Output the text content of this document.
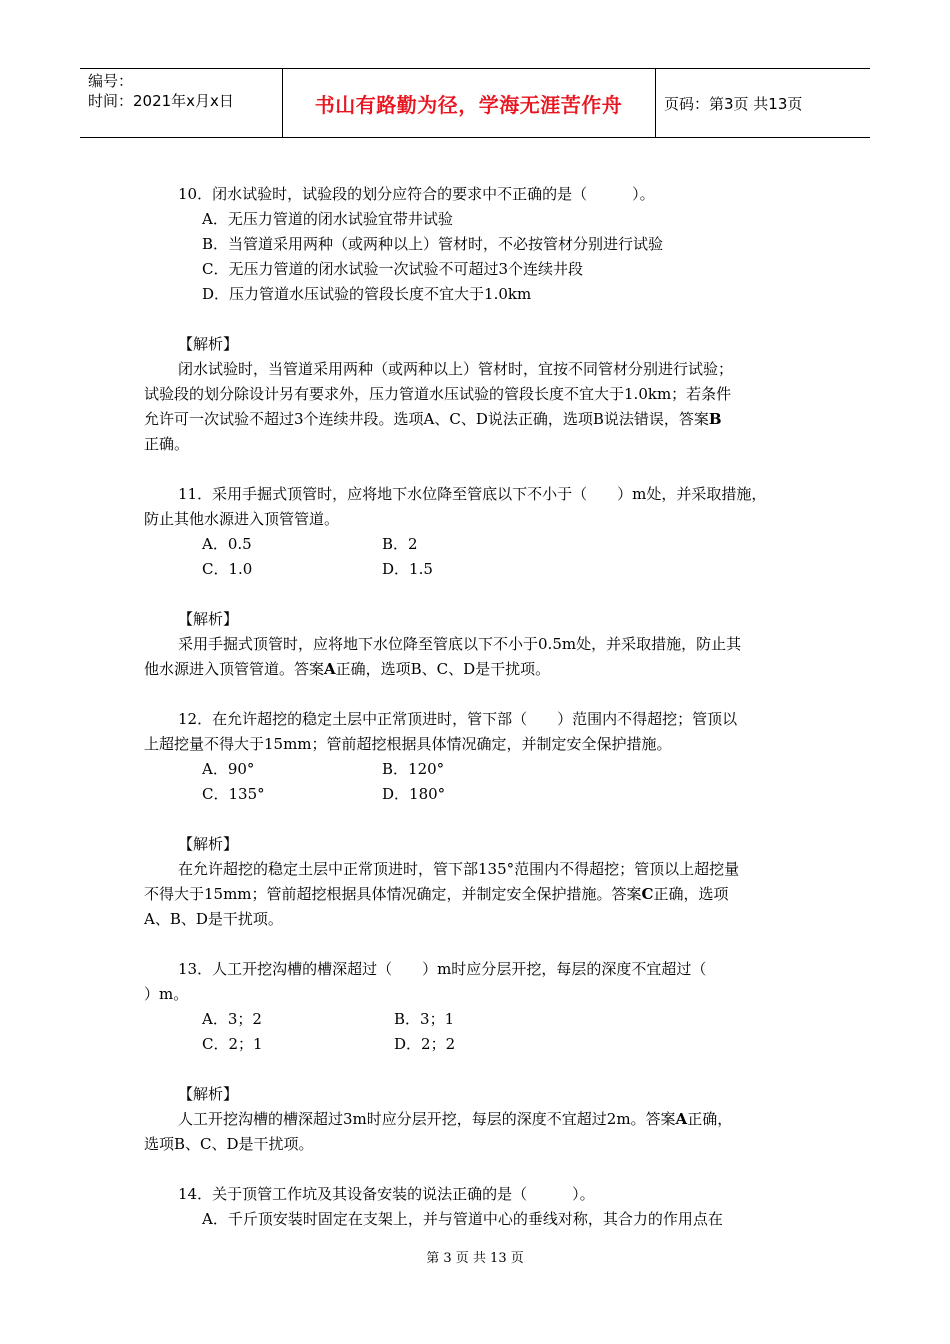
编号：
时间：2021年x月x日	书山有路勤为径，学海无涯苦作舟	页码：第3页 共13页
10．闭水试验时，试验段的划分应符合的要求中不正确的是（　　　）。
A．无压力管道的闭水试验宜带井试验
B．当管道采用两种（或两种以上）管材时，不必按管材分别进行试验
C．无压力管道的闭水试验一次试验不可超过3个连续井段
D．压力管道水压试验的管段长度不宜大于1.0km
【解析】
闭水试验时，当管道采用两种（或两种以上）管材时，宜按不同管材分别进行试验；
试验段的划分除设计另有要求外，压力管道水压试验的管段长度不宜大于1.0km；若条件
允许可一次试验不超过3个连续井段。选项A、C、D说法正确，选项B说法错误，答案B
正确。
11．采用手掘式顶管时，应将地下水位降至管底以下不小于（　　）m处，并采取措施，
防止其他水源进入顶管管道。
A．0.5	B．2
C．1.0	D．1.5
【解析】
采用手掘式顶管时，应将地下水位降至管底以下不小于0.5m处，并采取措施，防止其
他水源进入顶管管道。答案A正确，选项B、C、D是干扰项。
12．在允许超挖的稳定土层中正常顶进时，管下部（　　）范围内不得超挖；管顶以
上超挖量不得大于15mm；管前超挖根据具体情况确定，并制定安全保护措施。
A．90°	B．120°
C．135°	D．180°
【解析】
在允许超挖的稳定土层中正常顶进时，管下部135°范围内不得超挖；管顶以上超挖量
不得大于15mm；管前超挖根据具体情况确定，并制定安全保护措施。答案C正确，选项
A、B、D是干扰项。
13．人工开挖沟槽的槽深超过（　　）m时应分层开挖，每层的深度不宜超过（
）m。
A．3；2	B．3；1
C．2；1	D．2；2
【解析】
人工开挖沟槽的槽深超过3m时应分层开挖，每层的深度不宜超过2m。答案A正确，
选项B、C、D是干扰项。
14．关于顶管工作坑及其设备安装的说法正确的是（　　　）。
A．千斤顶安装时固定在支架上，并与管道中心的垂线对称，其合力的作用点在
第 3 页 共 13 页
